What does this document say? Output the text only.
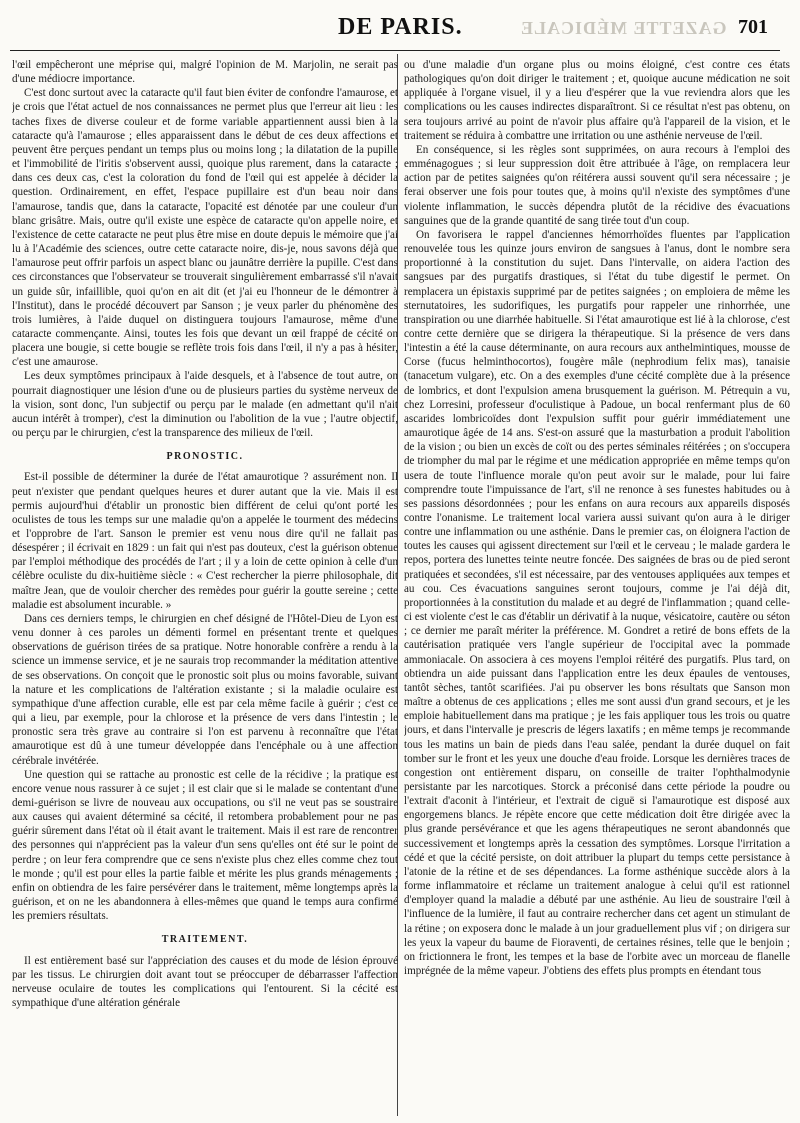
GAZETTE MÉDICALE
DE PARIS.	701

l'œil empêcheront une méprise qui, malgré l'opinion de M. Marjolin, ne serait pas d'une médiocre importance.

C'est donc surtout avec la cataracte qu'il faut bien éviter de confondre l'amaurose, et je crois que l'état actuel de nos connaissances ne permet plus que l'erreur ait lieu : les taches fixes de diverse couleur et de forme variable appartiennent aussi bien à la cataracte qu'à l'amaurose ; elles apparaissent dans le début de ces deux affections et peuvent être perçues pendant un temps plus ou moins long ; la dilatation de la pupille et l'immobilité de l'iritis s'observent aussi, quoique plus rarement, dans la cataracte ; dans ces deux cas, c'est la coloration du fond de l'œil qui est appelée à décider la question. Ordinairement, en effet, l'espace pupillaire est d'un beau noir dans l'amaurose, tandis que, dans la cataracte, l'opacité est dénotée par une couleur d'un blanc grisâtre. Mais, outre qu'il existe une espèce de cataracte qu'on appelle noire, et l'existence de cette cataracte ne peut plus être mise en doute depuis le mémoire que j'ai lu à l'Académie des sciences, outre cette cataracte noire, dis-je, nous savons déjà que l'amaurose peut offrir parfois un aspect blanc ou jaunâtre derrière la pupille. C'est dans ces circonstances que l'observateur se trouverait singulièrement embarrassé s'il n'avait un guide sûr, infaillible, quoi qu'on en ait dit (et j'ai eu l'honneur de le démontrer à l'Institut), dans le procédé découvert par Sanson ; je veux parler du phénomène des trois lumières, à l'aide duquel on distinguera toujours l'amaurose, même d'une cataracte commençante. Ainsi, toutes les fois que devant un œil frappé de cécité on placera une bougie, si cette bougie se reflète trois fois dans l'œil, il n'y a pas à hésiter, c'est une amaurose.

Les deux symptômes principaux à l'aide desquels, et à l'absence de tout autre, on pourrait diagnostiquer une lésion d'une ou de plusieurs parties du système nerveux de la vision, sont donc, l'un subjectif ou perçu par le malade (en admettant qu'il n'ait aucun intérêt à tromper), c'est la diminution ou l'abolition de la vue ; l'autre objectif, ou perçu par le chirurgien, c'est la transparence des milieux de l'œil.

PRONOSTIC.

Est-il possible de déterminer la durée de l'état amaurotique ? assurément non. Il peut n'exister que pendant quelques heures et durer autant que la vie. Mais il est permis aujourd'hui d'établir un pronostic bien différent de celui qu'ont porté les oculistes de tous les temps sur une maladie qu'on a appelée le tourment des médecins et l'opprobre de l'art. Sanson le premier est venu nous dire qu'il ne fallait pas désespérer ; il écrivait en 1829 : un fait qui n'est pas douteux, c'est la guérison obtenue par l'emploi méthodique des procédés de l'art ; il y a loin de cette opinion à celle d'un célèbre oculiste du dix-huitième siècle : « C'est rechercher la pierre philosophale, dit maître Jean, que de vouloir chercher des remèdes pour guérir la goutte sereine ; cette maladie est absolument incurable. »

Dans ces derniers temps, le chirurgien en chef désigné de l'Hôtel-Dieu de Lyon est venu donner à ces paroles un démenti formel en présentant trente et quelques observations de guérison tirées de sa pratique. Notre honorable confrère a rendu à la science un immense service, et je ne saurais trop recommander la méditation attentive de ses observations. On conçoit que le pronostic soit plus ou moins favorable, suivant la nature et les complications de l'altération existante ; si la maladie oculaire est sympathique d'une affection curable, elle est par cela même facile à guérir ; c'est ce qui a lieu, par exemple, pour la chlorose et la présence de vers dans l'intestin ; le pronostic sera très grave au contraire si l'on est parvenu à reconnaître que l'état amaurotique est dû à une tumeur développée dans l'encéphale ou à une affection cérébrale invétérée.

Une question qui se rattache au pronostic est celle de la récidive ; la pratique est encore venue nous rassurer à ce sujet ; il est clair que si le malade se contentant d'une demi-guérison se livre de nouveau aux occupations, ou s'il ne veut pas se soustraire aux causes qui avaient déterminé sa cécité, il retombera probablement pour ne pas guérir sûrement dans l'état où il était avant le traitement. Mais il est rare de rencontrer des personnes qui n'apprécient pas la valeur d'un sens qu'elles ont été sur le point de perdre ; on leur fera comprendre que ce sens n'existe plus chez elles comme chez tout le monde ; qu'il est pour elles la partie faible et mérite les plus grands ménagements ; enfin on obtiendra de les faire persévérer dans le traitement, même longtemps après la guérison, et on ne les abandonnera à elles-mêmes que quand le temps aura confirmé les premiers résultats.

TRAITEMENT.

Il est entièrement basé sur l'appréciation des causes et du mode de lésion éprouvé par les tissus. Le chirurgien doit avant tout se préoccuper de débarrasser l'affection nerveuse oculaire de toutes les complications qui l'entourent. Si la cécité est sympathique d'une altération générale

ou d'une maladie d'un organe plus ou moins éloigné, c'est contre ces états pathologiques qu'on doit diriger le traitement ; et, quoique aucune médication ne soit appliquée à l'organe visuel, il y a lieu d'espérer que la vue reviendra alors que les complications ou les causes indirectes disparaîtront. Si ce résultat n'est pas obtenu, on sera toujours arrivé au point de n'avoir plus affaire qu'à l'appareil de la vision, et le traitement se réduira à combattre une irritation ou une asthénie nerveuse de l'œil.

En conséquence, si les règles sont supprimées, on aura recours à l'emploi des emménagogues ; si leur suppression doit être attribuée à l'âge, on remplacera leur action par de petites saignées qu'on réitérera aussi souvent qu'il sera nécessaire ; je ferai observer une fois pour toutes que, à moins qu'il n'existe des symptômes d'une violente inflammation, le succès dépendra plutôt de la récidive des évacuations sanguines que de la grande quantité de sang tirée tout d'un coup.

On favorisera le rappel d'anciennes hémorrhoïdes fluentes par l'application renouvelée tous les quinze jours environ de sangsues à l'anus, dont le nombre sera proportionné à la constitution du sujet. Dans l'intervalle, on aidera l'action des sangsues par des purgatifs drastiques, si l'état du tube digestif le permet. On remplacera un épistaxis supprimé par de petites saignées ; on emploiera de même les sternutatoires, les sudorifiques, les purgatifs pour rappeler une rinhorrhée, une transpiration ou une diarrhée habituelle. Si l'état amaurotique est lié à la chlorose, c'est contre cette dernière que se dirigera la thérapeutique. Si la présence de vers dans l'intestin a été la cause déterminante, on aura recours aux anthelmintiques, mousse de Corse (fucus helminthocortos), fougère mâle (nephrodium felix mas), tanaisie (tanacetum vulgare), etc. On a des exemples d'une cécité complète due à la présence de lombrics, et dont l'expulsion amena brusquement la guérison. M. Pétrequin a vu, chez Lorresini, professeur d'oculistique à Padoue, un bocal renfermant plus de 60 ascarides lombricoïdes dont l'expulsion suffit pour guérir immédiatement une amaurotique âgée de 14 ans. S'est-on assuré que la masturbation a produit l'abolition de la vision ; ou bien un excès de coït ou des pertes séminales réitérées ; on s'occupera de triompher du mal par le régime et une médication appropriée en même temps qu'on usera de toute l'influence morale qu'on peut avoir sur le malade, pour lui faire comprendre toute l'impuissance de l'art, s'il ne renonce à ses funestes habitudes ou à ses passions désordonnées ; pour les enfans on aura recours aux appareils disposés contre l'onanisme. Le traitement local variera aussi suivant qu'on aura à le diriger contre une inflammation ou une asthénie. Dans le premier cas, on éloignera l'action de toutes les causes qui agissent directement sur l'œil et le cerveau ; le malade gardera le repos, portera des lunettes teinte neutre foncée. Des saignées de bras ou de pied seront pratiquées et secondées, s'il est nécessaire, par des ventouses appliquées aux tempes et au cou. Ces évacuations sanguines seront toujours, comme je l'ai déjà dit, proportionnées à la constitution du malade et au degré de l'inflammation ; quand celle-ci est violente c'est le cas d'établir un dérivatif à la nuque, vésicatoire, cautère ou séton ; ce dernier me paraît mériter la préférence. M. Gondret a retiré de bons effets de la cautérisation pratiquée vers l'angle supérieur de l'occipital avec la pommade ammoniacale. On associera à ces moyens l'emploi réitéré des purgatifs. Plus tard, on obtiendra un aide puissant dans l'application entre les deux épaules de ventouses, tantôt sèches, tantôt scarifiées. J'ai pu observer les bons résultats que Sanson mon maître a obtenus de ces applications ; elles me sont aussi d'un grand secours, et je les emploie habituellement dans ma pratique ; je les fais appliquer tous les trois ou quatre jours, et dans l'intervalle je prescris de légers laxatifs ; en même temps je recommande tous les matins un bain de pieds dans l'eau salée, pendant la durée duquel on fait tomber sur le front et les yeux une douche d'eau froide. Lorsque les dernières traces de congestion ont entièrement disparu, on conseille de traiter l'ophthalmodynie persistante par les narcotiques. Storck a préconisé dans cette période la poudre ou l'extrait d'aconit à l'intérieur, et l'extrait de ciguë si l'amaurotique est disposé aux engorgemens blancs. Je répète encore que cette médication doit être dirigée avec la plus grande persévérance et que les agens thérapeutiques ne seront abandonnés que successivement et longtemps après la cessation des symptômes. Lorsque l'irritation a cédé et que la cécité persiste, on doit attribuer la plupart du temps cette persistance à l'atonie de la rétine et de ses dépendances. La forme asthénique succède alors à la forme inflammatoire et réclame un traitement analogue à celui qu'il est rationnel d'employer quand la maladie a débuté par une asthénie. Au lieu de soustraire l'œil à l'influence de la lumière, il faut au contraire rechercher dans cet agent un stimulant de la rétine ; on exposera donc le malade à un jour graduellement plus vif ; on dirigera sur les yeux la vapeur du baume de Fioraventi, de certaines résines, telle que le benjoin ; on frictionnera le front, les tempes et la base de l'orbite avec un morceau de flanelle imprégnée de la même vapeur. J'obtiens des effets plus prompts en étendant tous
